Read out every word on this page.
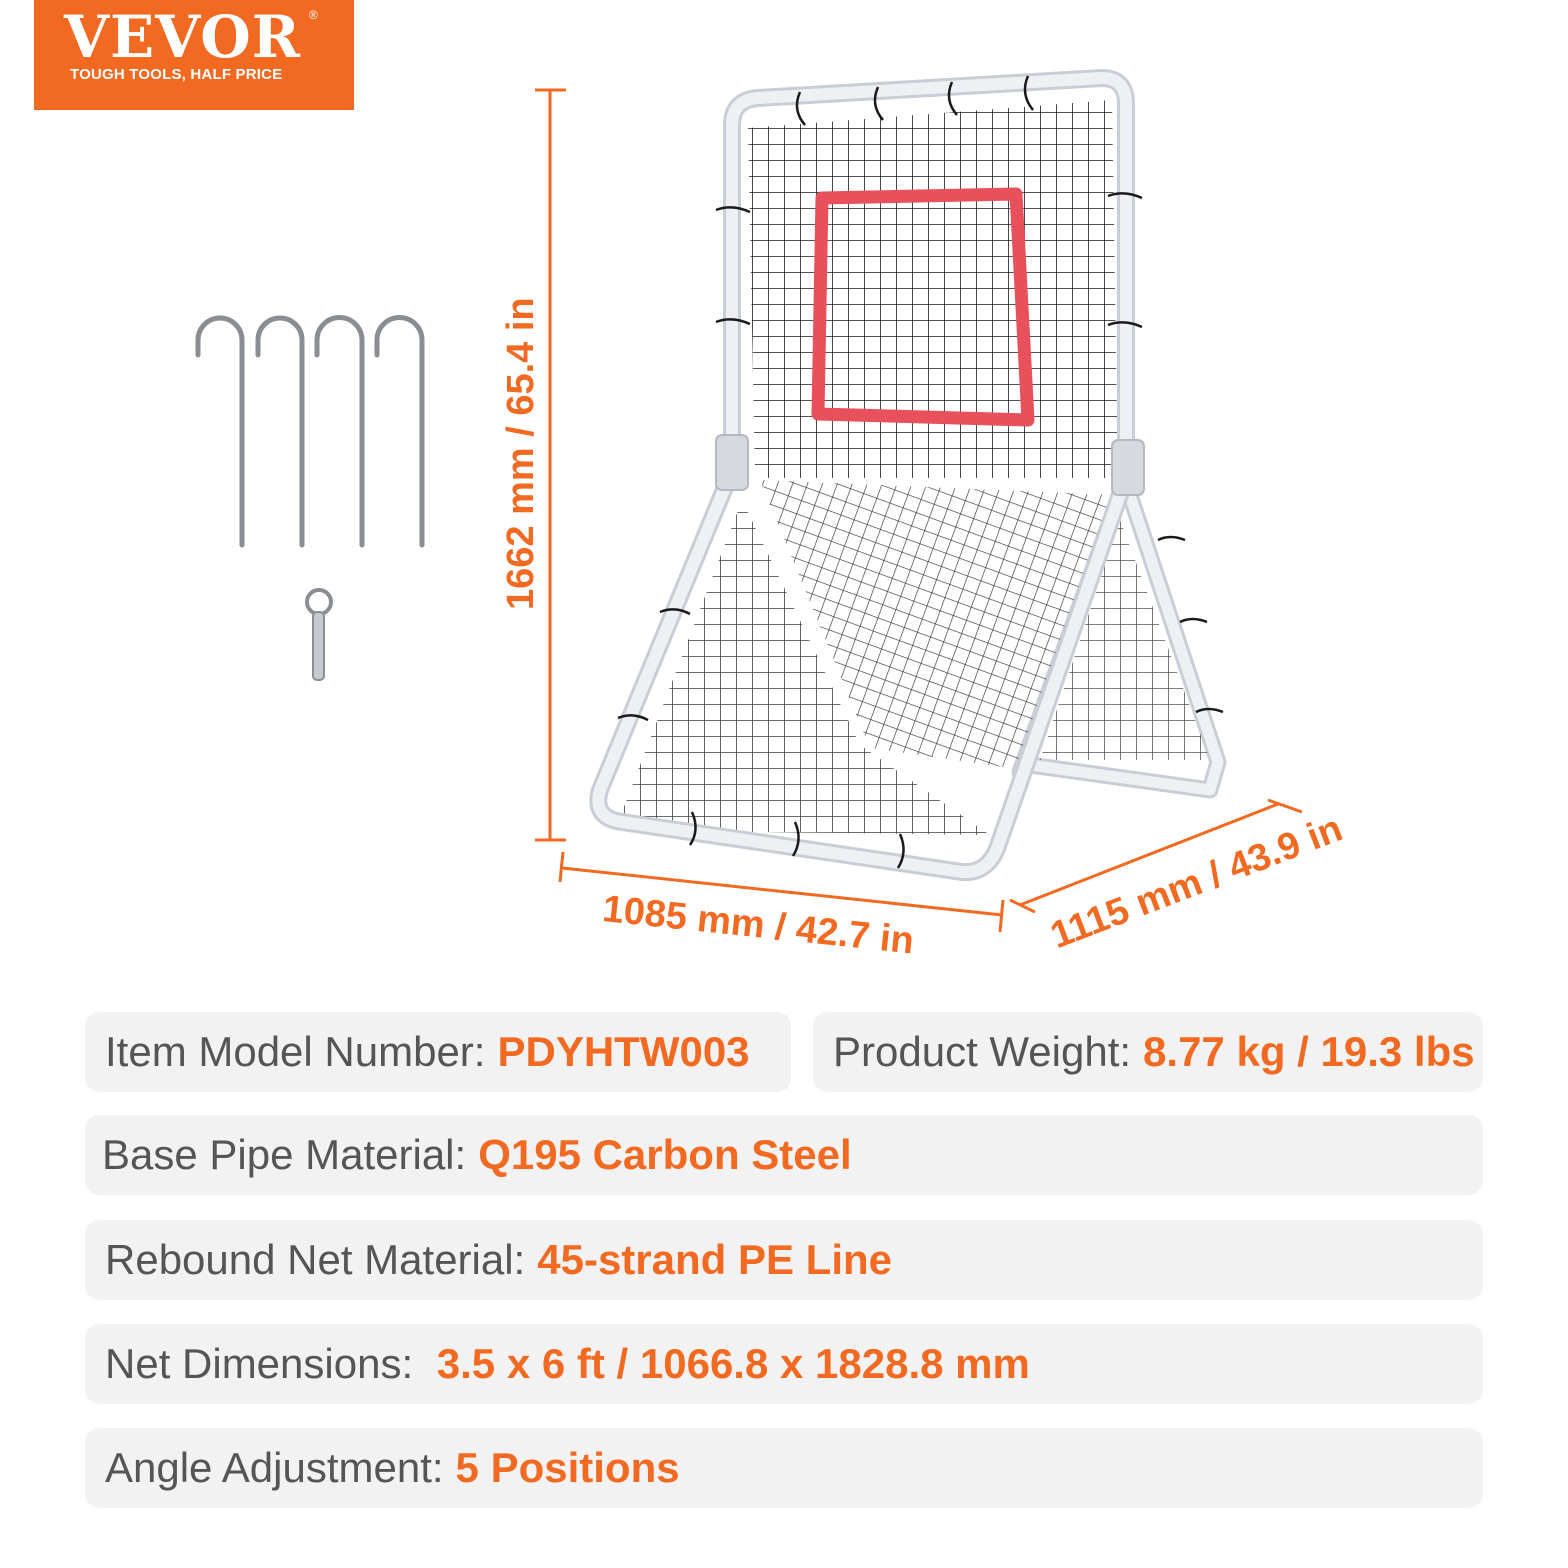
VEVOR ®
TOUGH TOOLS, HALF PRICE
1662 mm / 65.4 in
1085 mm / 42.7 in	1115 mm / 43.9 in
Item Model Number: PDYHTW003 Product Weight: 8.77 kg / 19.3 lbs
Base Pipe Material: Q195 Carbon Steel
Rebound Net Material: 45-strand PE Line
Net Dimensions: 3.5 x 6 ft / 1066.8 x 1828.8 mm
Angle Adjustment: 5 Positions
